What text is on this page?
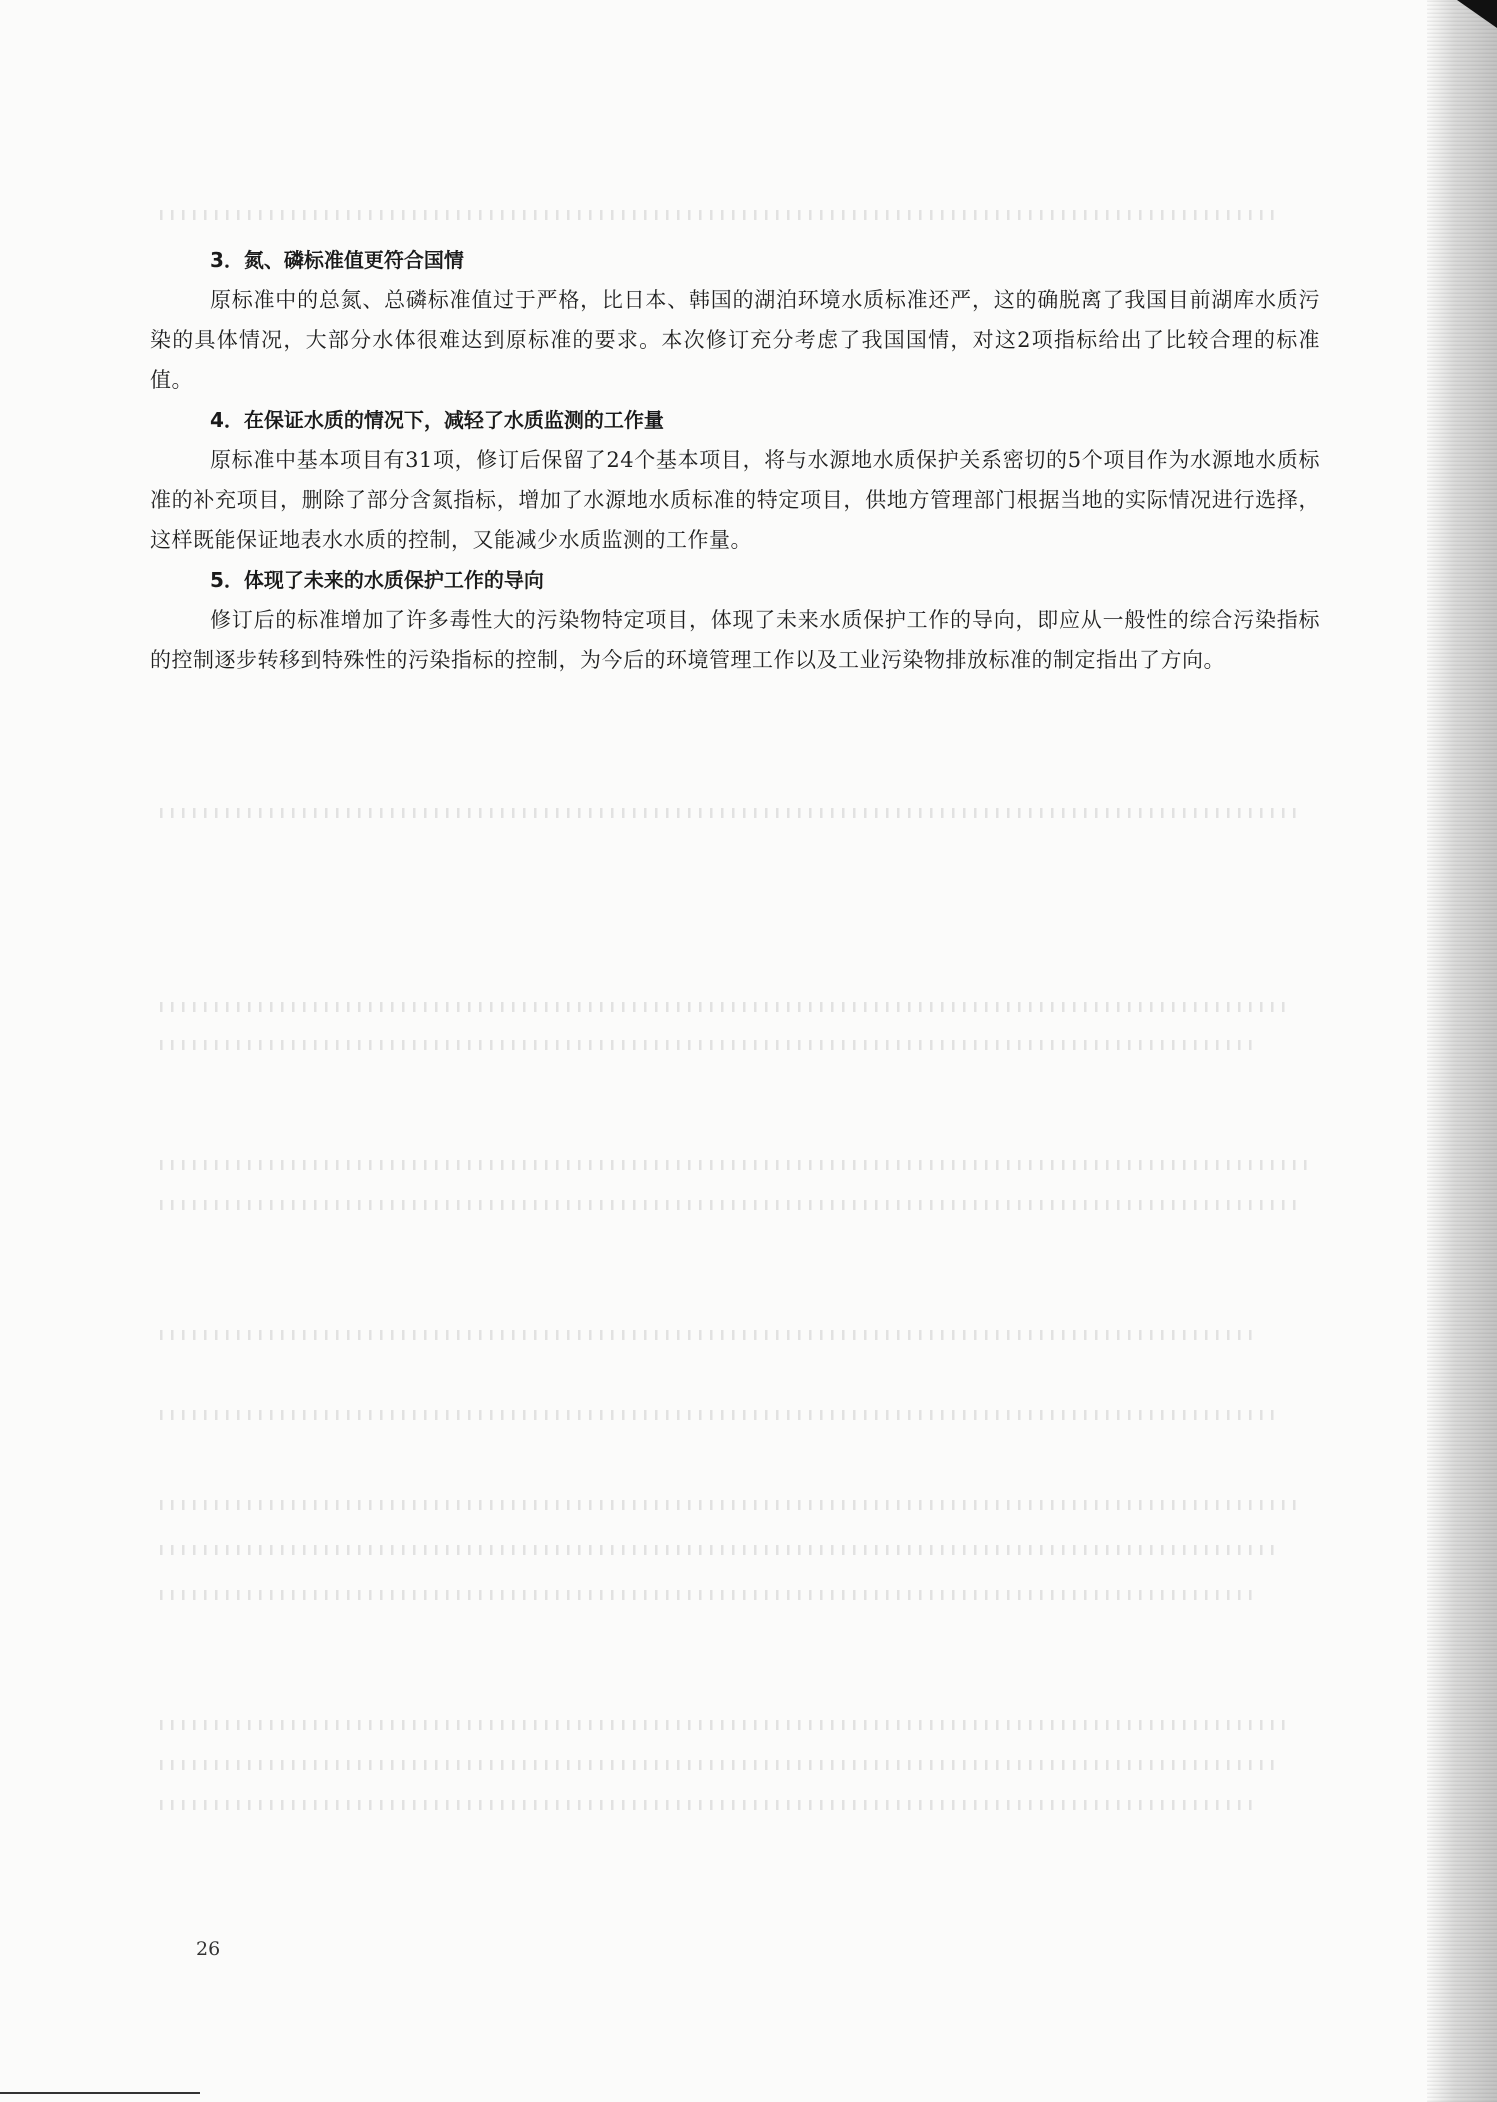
3．氮、磷标准值更符合国情

原标准中的总氮、总磷标准值过于严格，比日本、韩国的湖泊环境水质标准还严，这的确脱离了我国目前湖库水质污染的具体情况，大部分水体很难达到原标准的要求。本次修订充分考虑了我国国情，对这2项指标给出了比较合理的标准值。

4．在保证水质的情况下，减轻了水质监测的工作量

原标准中基本项目有31项，修订后保留了24个基本项目，将与水源地水质保护关系密切的5个项目作为水源地水质标准的补充项目，删除了部分含氮指标，增加了水源地水质标准的特定项目，供地方管理部门根据当地的实际情况进行选择，这样既能保证地表水水质的控制，又能减少水质监测的工作量。

5．体现了未来的水质保护工作的导向

修订后的标准增加了许多毒性大的污染物特定项目，体现了未来水质保护工作的导向，即应从一般性的综合污染指标的控制逐步转移到特殊性的污染指标的控制，为今后的环境管理工作以及工业污染物排放标准的制定指出了方向。

26
